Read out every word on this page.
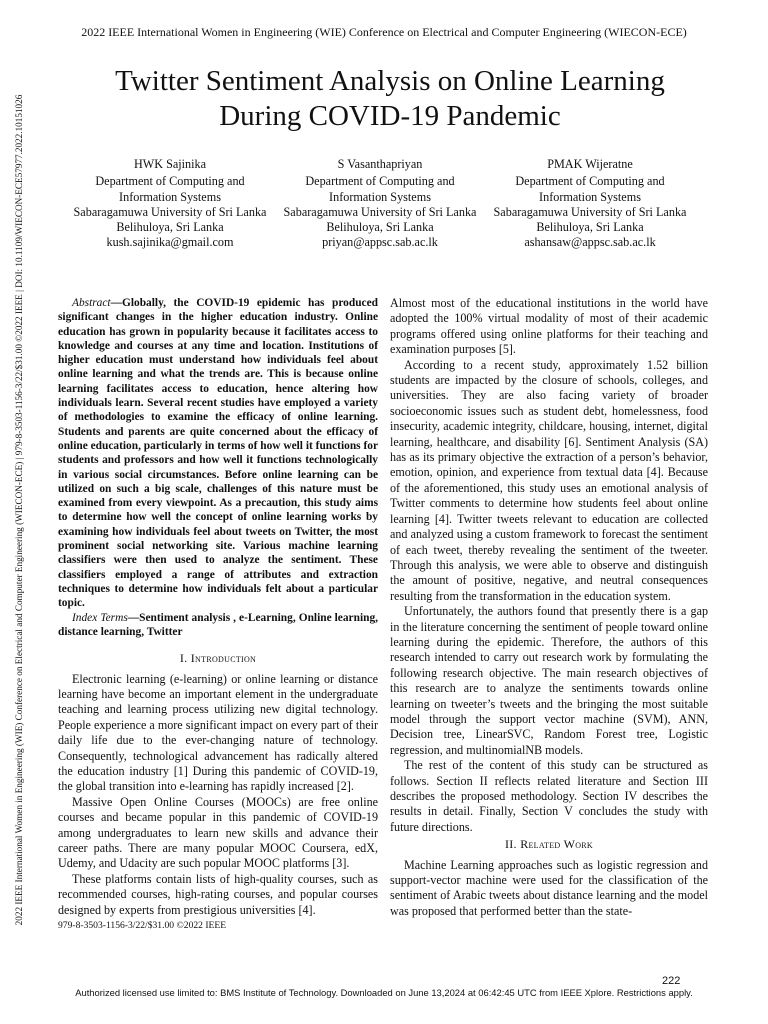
2022 IEEE International Women in Engineering (WIE) Conference on Electrical and Computer Engineering (WIECON-ECE)
2022 IEEE International Women in Engineering (WIE) Conference on Electrical and Computer Engineering (WIECON-ECE) | 979-8-3503-1156-3/22/$31.00 ©2022 IEEE | DOI: 10.1109/WIECON-ECE57977.2022.10151026
Twitter Sentiment Analysis on Online Learning
During COVID-19 Pandemic
HWK Sajinika
Department of Computing and
Information Systems
Sabaragamuwa University of Sri Lanka
Belihuloya, Sri Lanka
kush.sajinika@gmail.com
S Vasanthapriyan
Department of Computing and
Information Systems
Sabaragamuwa University of Sri Lanka
Belihuloya, Sri Lanka
priyan@appsc.sab.ac.lk
PMAK Wijeratne
Department of Computing and
Information Systems
Sabaragamuwa University of Sri Lanka
Belihuloya, Sri Lanka
ashansaw@appsc.sab.ac.lk

Abstract—Globally, the COVID-19 epidemic has produced significant changes in the higher education industry. Online education has grown in popularity because it facilitates access to knowledge and courses at any time and location. Institutions of higher education must understand how individuals feel about online learning and what the trends are. This is because online learning facilitates access to education, hence altering how individuals learn. Several recent studies have employed a variety of methodologies to examine the efficacy of online learning. Students and parents are quite concerned about the efficacy of online education, particularly in terms of how well it functions for students and professors and how well it functions technologically in various social circumstances. Before online learning can be utilized on such a big scale, challenges of this nature must be examined from every viewpoint. As a precaution, this study aims to determine how well the concept of online learning works by examining how individuals feel about tweets on Twitter, the most prominent social networking site. Various machine learning classifiers were then used to analyze the sentiment. These classifiers employed a range of attributes and extraction techniques to determine how individuals felt about a particular topic.

Index Terms—Sentiment analysis , e-Learning, Online learning, distance learning, Twitter

I. Introduction

Electronic learning (e-learning) or online learning or distance learning have become an important element in the undergraduate teaching and learning process utilizing new digital technology. People experience a more significant impact on every part of their daily life due to the ever-changing nature of technology. Consequently, technological advancement has radically altered the education industry [1] During this pandemic of COVID-19, the global transition into e-learning has rapidly increased [2].

Massive Open Online Courses (MOOCs) are free online courses and became popular in this pandemic of COVID-19 among undergraduates to learn new skills and advance their career paths. There are many popular MOOC Coursera, edX, Udemy, and Udacity are such popular MOOC platforms [3].

These platforms contain lists of high-quality courses, such as recommended courses, high-rating courses, and popular courses designed by experts from prestigious universities [4].

Almost most of the educational institutions in the world have adopted the 100% virtual modality of most of their academic programs offered using online platforms for their teaching and examination purposes [5].

According to a recent study, approximately 1.52 billion students are impacted by the closure of schools, colleges, and universities. They are also facing variety of broader socioeconomic issues such as student debt, homelessness, food insecurity, academic integrity, childcare, housing, internet, digital learning, healthcare, and disability [6]. Sentiment Analysis (SA) has as its primary objective the extraction of a person’s behavior, emotion, opinion, and experience from textual data [4]. Because of the aforementioned, this study uses an emotional analysis of Twitter comments to determine how students feel about online learning [4]. Twitter tweets relevant to education are collected and analyzed using a custom framework to forecast the sentiment of each tweet, thereby revealing the sentiment of the tweeter. Through this analysis, we were able to observe and distinguish the amount of positive, negative, and neutral consequences resulting from the transformation in the education system.

Unfortunately, the authors found that presently there is a gap in the literature concerning the sentiment of people toward online learning during the epidemic. Therefore, the authors of this research intended to carry out research work by formulating the following research objective. The main research objectives of this research are to analyze the sentiments towards online learning on tweeter’s tweets and the bringing the most suitable model through the support vector machine (SVM), ANN, Decision tree, LinearSVC, Random Forest tree, Logistic regression, and multinomialNB models.

The rest of the content of this study can be structured as follows. Section II reflects related literature and Section III describes the proposed methodology. Section IV describes the results in detail. Finally, Section V concludes the study with future directions.

II. Related Work

Machine Learning approaches such as logistic regression and support-vector machine were used for the classification of the sentiment of Arabic tweets about distance learning and the model was proposed that performed better than the state-

979-8-3503-1156-3/22/$31.00 ©2022 IEEE
222
Authorized licensed use limited to: BMS Institute of Technology. Downloaded on June 13,2024 at 06:42:45 UTC from IEEE Xplore. Restrictions apply.
